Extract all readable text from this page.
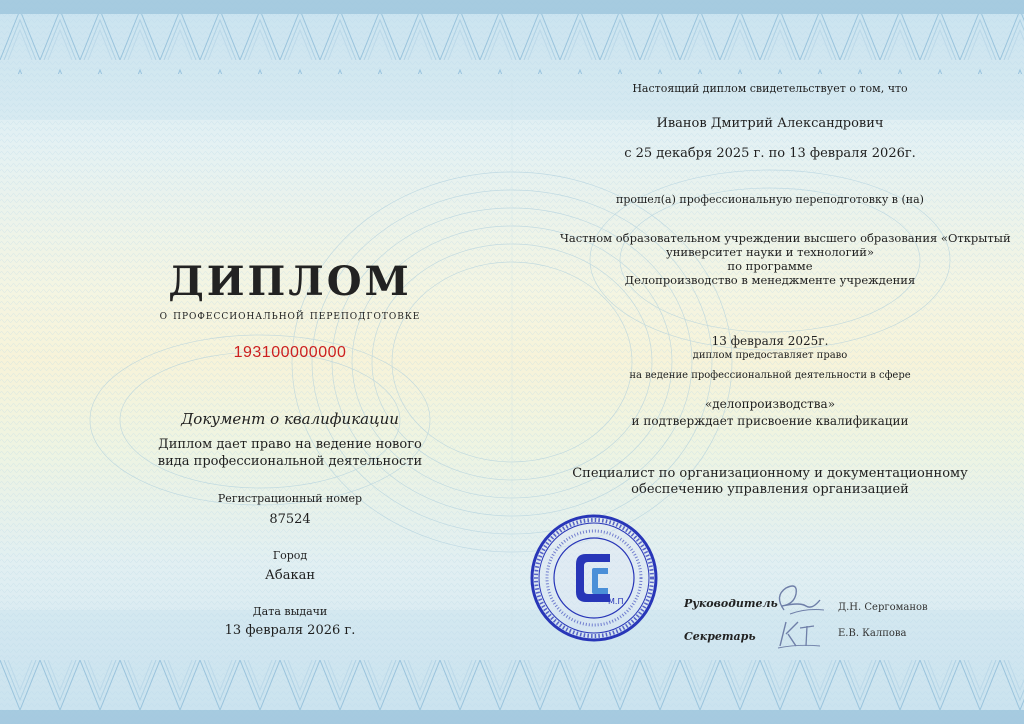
ДИПЛОМ
о профессиональной переподготовке
193100000000
Документ о квалификации
Диплом дает право на ведение нового
вида профессиональной деятельности
Регистрационный номер
87524
Город
Абакан
Дата выдачи
13 февраля 2026 г.
Настоящий диплом свидетельствует о том, что
Иванов Дмитрий Александрович
с 25 декабря 2025 г. по 13 февраля 2026г.
прошел(а) профессиональную переподготовку в (на)
Частном образовательном учреждении высшего образования «Открытый
университет науки и технологий»
по программе
Делопроизводство в менеджменте учреждения
13 февраля 2025г.
диплом предоставляет право
на ведение профессиональной деятельности в сфере
«делопроизводства»
и подтверждает присвоение квалификации
Специалист по организационному и документационному
обеспечению управления организацией
М.П.	Руководитель	Д.Н. Сергоманов
Секретарь	Е.В. Калпова
